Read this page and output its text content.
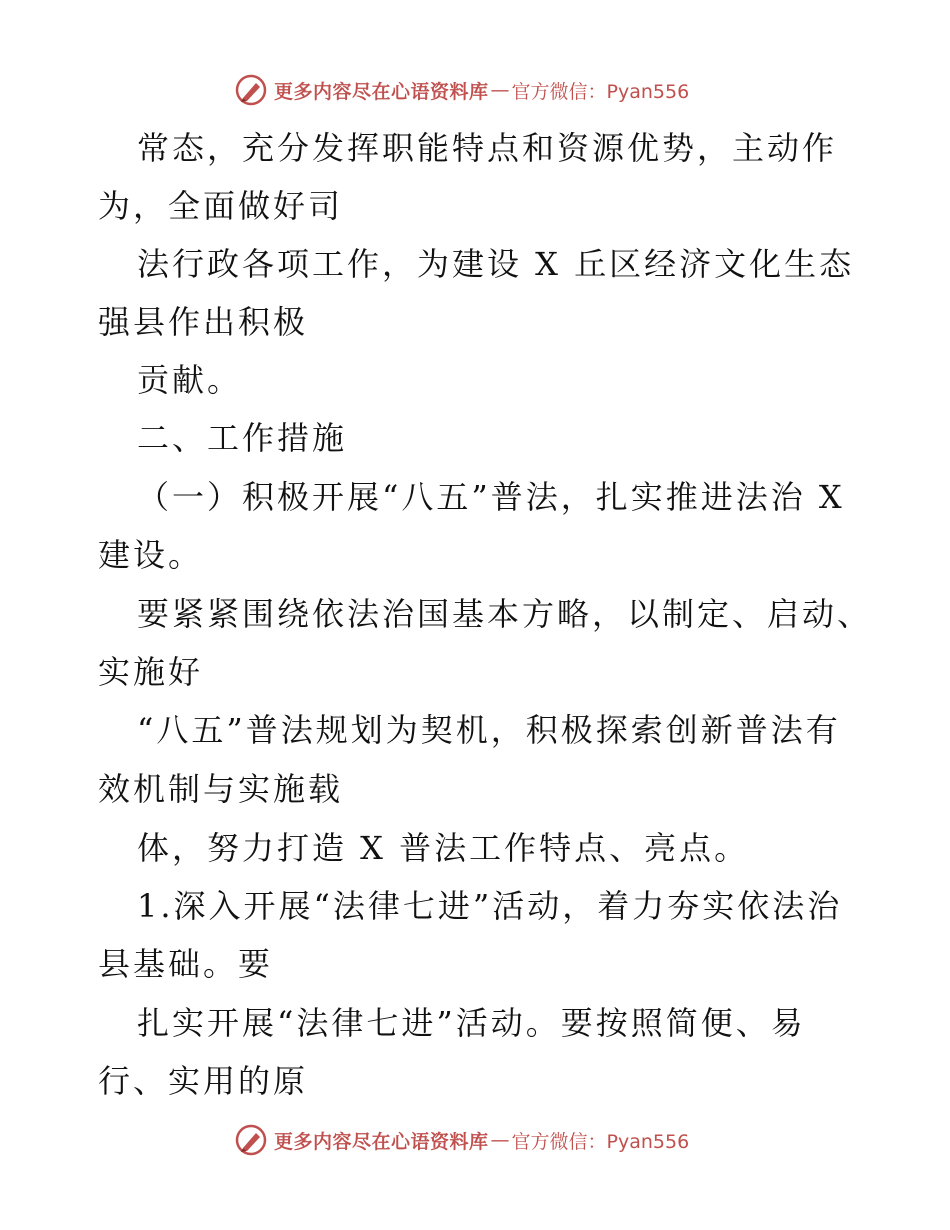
更多内容尽在心语资料库 — 官方微信：Pyan556
常态，充分发挥职能特点和资源优势，主动作
为，全面做好司
法行政各项工作，为建设 X 丘区经济文化生态
强县作出积极
贡献。
二、工作措施
（一）积极开展“八五”普法，扎实推进法治 X
建设。
要紧紧围绕依法治国基本方略，以制定、启动、
实施好
“八五”普法规划为契机，积极探索创新普法有
效机制与实施载
体，努力打造 X 普法工作特点、亮点。
1.深入开展“法律七进”活动，着力夯实依法治
县基础。要
扎实开展“法律七进”活动。要按照简便、易
行、实用的原
更多内容尽在心语资料库 — 官方微信：Pyan556
